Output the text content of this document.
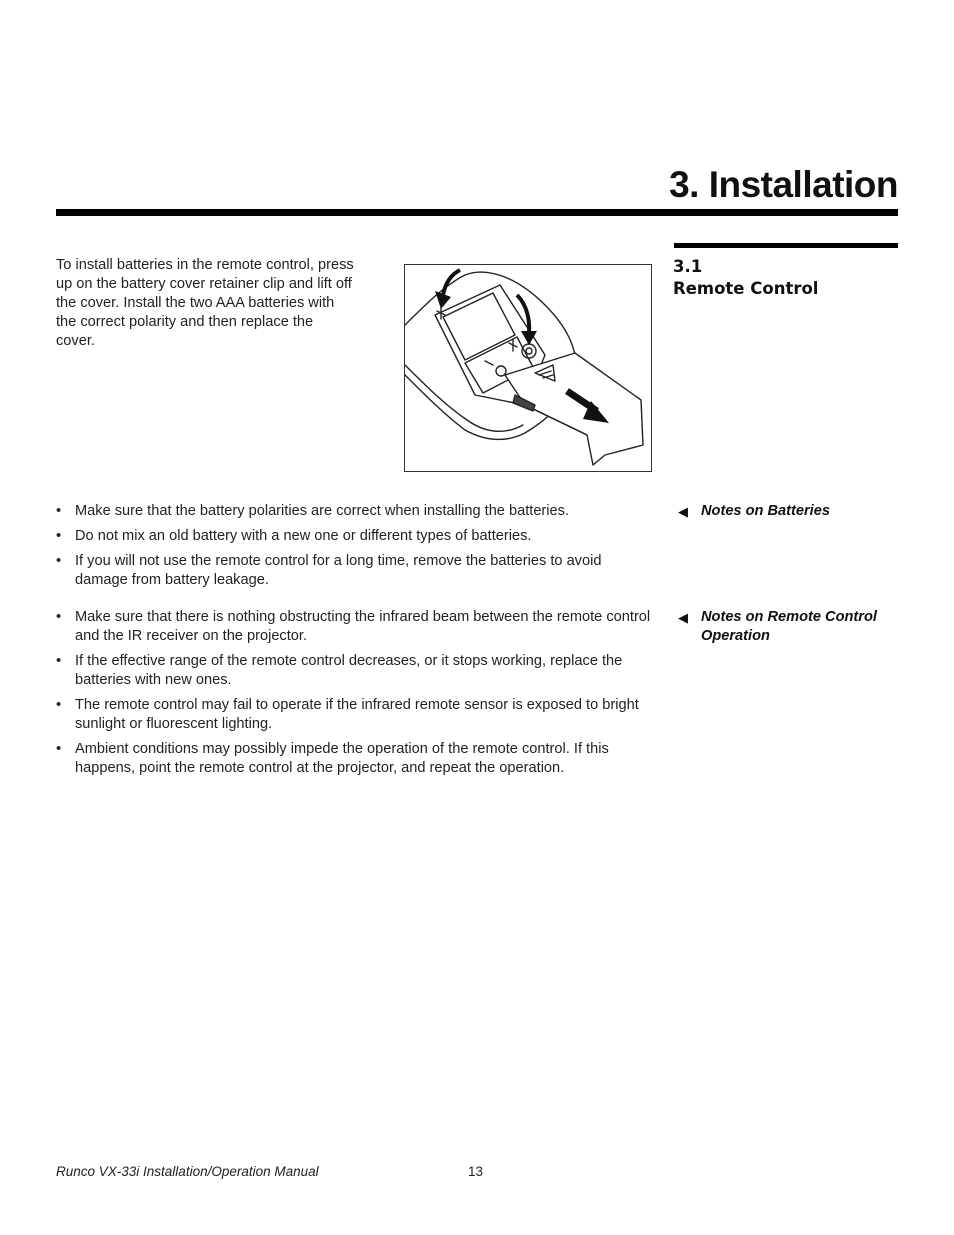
3. Installation
3.1
Remote Control

To install batteries in the remote control, press up on the battery cover retainer clip and lift off the cover. Install the two AAA batteries with the correct polarity and then replace the cover.

• Make sure that the battery polarities are correct when installing the batteries.
• Do not mix an old battery with a new one or different types of batteries.
• If you will not use the remote control for a long time, remove the batteries to avoid damage from battery leakage.
◀ Notes on Batteries
• Make sure that there is nothing obstructing the infrared beam between the remote control and the IR receiver on the projector.
• If the effective range of the remote control decreases, or it stops working, replace the batteries with new ones.
• The remote control may fail to operate if the infrared remote sensor is exposed to bright sunlight or fluorescent lighting.
• Ambient conditions may possibly impede the operation of the remote control. If this happens, point the remote control at the projector, and repeat the operation.
◀ Notes on Remote Control Operation
Runco VX-33i Installation/Operation Manual	13
